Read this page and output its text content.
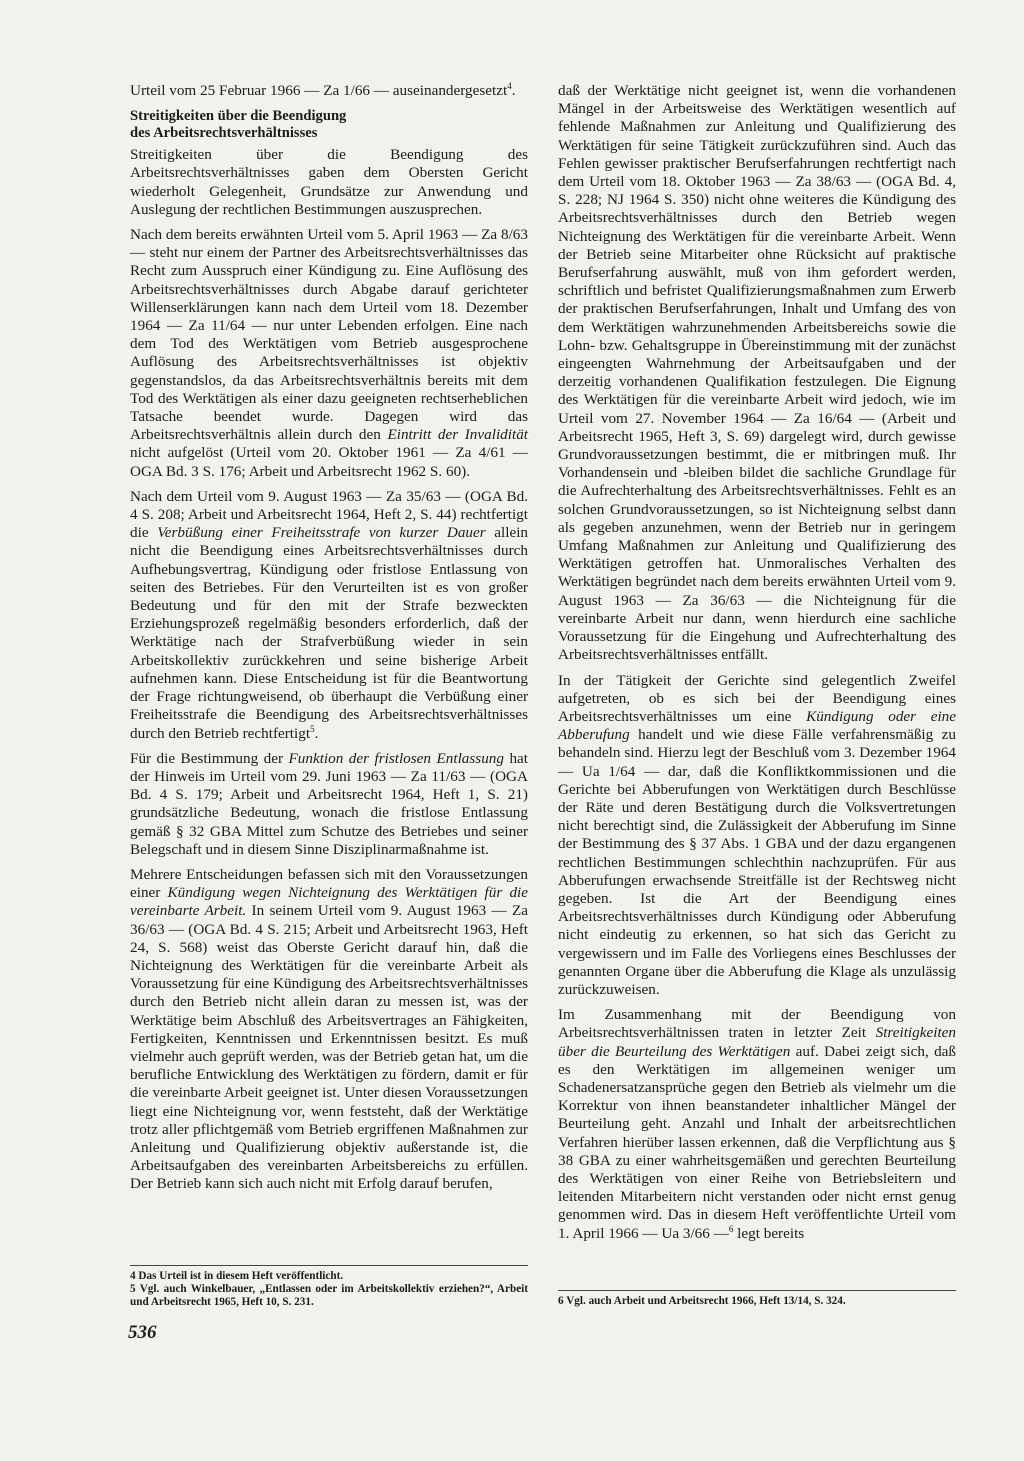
Urteil vom 25 Februar 1966 — Za 1/66 — auseinandergesetzt$^4$.

Streitigkeiten über die Beendigung
des Arbeitsrechtsverhältnisses

Streitigkeiten über die Beendigung des Arbeitsrechtsverhältnisses gaben dem Obersten Gericht wiederholt Gelegenheit, Grundsätze zur Anwendung und Auslegung der rechtlichen Bestimmungen auszusprechen.

Nach dem bereits erwähnten Urteil vom 5. April 1963 — Za 8/63 — steht nur einem der Partner des Arbeitsrechtsverhältnisses das Recht zum Ausspruch einer Kündigung zu. Eine Auflösung des Arbeitsrechtsverhältnisses durch Abgabe darauf gerichteter Willenserklärungen kann nach dem Urteil vom 18. Dezember 1964 — Za 11/64 — nur unter Lebenden erfolgen. Eine nach dem Tod des Werktätigen vom Betrieb ausgesprochene Auflösung des Arbeitsrechtsverhältnisses ist objektiv gegenstandslos, da das Arbeitsrechtsverhältnis bereits mit dem Tod des Werktätigen als einer dazu geeigneten rechtserheblichen Tatsache beendet wurde. Dagegen wird das Arbeitsrechtsverhältnis allein durch den Eintritt der Invalidität nicht aufgelöst (Urteil vom 20. Oktober 1961 — Za 4/61 — OGA Bd. 3 S. 176; Arbeit und Arbeitsrecht 1962 S. 60).

Nach dem Urteil vom 9. August 1963 — Za 35/63 — (OGA Bd. 4 S. 208; Arbeit und Arbeitsrecht 1964, Heft 2, S. 44) rechtfertigt die Verbüßung einer Freiheitsstrafe von kurzer Dauer allein nicht die Beendigung eines Arbeitsrechtsverhältnisses durch Aufhebungsvertrag, Kündigung oder fristlose Entlassung von seiten des Betriebes. Für den Verurteilten ist es von großer Bedeutung und für den mit der Strafe bezweckten Erziehungsprozeß regelmäßig besonders erforderlich, daß der Werktätige nach der Strafverbüßung wieder in sein Arbeitskollektiv zurückkehren und seine bisherige Arbeit aufnehmen kann. Diese Entscheidung ist für die Beantwortung der Frage richtungweisend, ob überhaupt die Verbüßung einer Freiheitsstrafe die Beendigung des Arbeitsrechtsverhältnisses durch den Betrieb rechtfertigt$^5$.

Für die Bestimmung der Funktion der fristlosen Entlassung hat der Hinweis im Urteil vom 29. Juni 1963 — Za 11/63 — (OGA Bd. 4 S. 179; Arbeit und Arbeitsrecht 1964, Heft 1, S. 21) grundsätzliche Bedeutung, wonach die fristlose Entlassung gemäß § 32 GBA Mittel zum Schutze des Betriebes und seiner Belegschaft und in diesem Sinne Disziplinarmaßnahme ist.

Mehrere Entscheidungen befassen sich mit den Voraussetzungen einer Kündigung wegen Nichteignung des Werktätigen für die vereinbarte Arbeit. In seinem Urteil vom 9. August 1963 — Za 36/63 — (OGA Bd. 4 S. 215; Arbeit und Arbeitsrecht 1963, Heft 24, S. 568) weist das Oberste Gericht darauf hin, daß die Nichteignung des Werktätigen für die vereinbarte Arbeit als Voraussetzung für eine Kündigung des Arbeitsrechtsverhältnisses durch den Betrieb nicht allein daran zu messen ist, was der Werktätige beim Abschluß des Arbeitsvertrages an Fähigkeiten, Fertigkeiten, Kenntnissen und Erkenntnissen besitzt. Es muß vielmehr auch geprüft werden, was der Betrieb getan hat, um die berufliche Entwicklung des Werktätigen zu fördern, damit er für die vereinbarte Arbeit geeignet ist. Unter diesen Voraussetzungen liegt eine Nichteignung vor, wenn feststeht, daß der Werktätige trotz aller pflichtgemäß vom Betrieb ergriffenen Maßnahmen zur Anleitung und Qualifizierung objektiv außerstande ist, die Arbeitsaufgaben des vereinbarten Arbeitsbereichs zu erfüllen. Der Betrieb kann sich auch nicht mit Erfolg darauf berufen,

4 Das Urteil ist in diesem Heft veröffentlicht.

5 Vgl. auch Winkelbauer, „Entlassen oder im Arbeitskollektiv erziehen?“, Arbeit und Arbeitsrecht 1965, Heft 10, S. 231.

536

daß der Werktätige nicht geeignet ist, wenn die vorhandenen Mängel in der Arbeitsweise des Werktätigen wesentlich auf fehlende Maßnahmen zur Anleitung und Qualifizierung des Werktätigen für seine Tätigkeit zurückzuführen sind. Auch das Fehlen gewisser praktischer Berufserfahrungen rechtfertigt nach dem Urteil vom 18. Oktober 1963 — Za 38/63 — (OGA Bd. 4, S. 228; NJ 1964 S. 350) nicht ohne weiteres die Kündigung des Arbeitsrechtsverhältnisses durch den Betrieb wegen Nichteignung des Werktätigen für die vereinbarte Arbeit. Wenn der Betrieb seine Mitarbeiter ohne Rücksicht auf praktische Berufserfahrung auswählt, muß von ihm gefordert werden, schriftlich und befristet Qualifizierungsmaßnahmen zum Erwerb der praktischen Berufserfahrungen, Inhalt und Umfang des von dem Werktätigen wahrzunehmenden Arbeitsbereichs sowie die Lohn- bzw. Gehaltsgruppe in Übereinstimmung mit der zunächst eingeengten Wahrnehmung der Arbeitsaufgaben und der derzeitig vorhandenen Qualifikation festzulegen. Die Eignung des Werktätigen für die vereinbarte Arbeit wird jedoch, wie im Urteil vom 27. November 1964 — Za 16/64 — (Arbeit und Arbeitsrecht 1965, Heft 3, S. 69) dargelegt wird, durch gewisse Grundvoraussetzungen bestimmt, die er mitbringen muß. Ihr Vorhandensein und -bleiben bildet die sachliche Grundlage für die Aufrechterhaltung des Arbeitsrechtsverhältnisses. Fehlt es an solchen Grundvoraussetzungen, so ist Nichteignung selbst dann als gegeben anzunehmen, wenn der Betrieb nur in geringem Umfang Maßnahmen zur Anleitung und Qualifizierung des Werktätigen getroffen hat. Unmoralisches Verhalten des Werktätigen begründet nach dem bereits erwähnten Urteil vom 9. August 1963 — Za 36/63 — die Nichteignung für die vereinbarte Arbeit nur dann, wenn hierdurch eine sachliche Voraussetzung für die Eingehung und Aufrechterhaltung des Arbeitsrechtsverhältnisses entfällt.

In der Tätigkeit der Gerichte sind gelegentlich Zweifel aufgetreten, ob es sich bei der Beendigung eines Arbeitsrechtsverhältnisses um eine Kündigung oder eine Abberufung handelt und wie diese Fälle verfahrensmäßig zu behandeln sind. Hierzu legt der Beschluß vom 3. Dezember 1964 — Ua 1/64 — dar, daß die Konfliktkommissionen und die Gerichte bei Abberufungen von Werktätigen durch Beschlüsse der Räte und deren Bestätigung durch die Volksvertretungen nicht berechtigt sind, die Zulässigkeit der Abberufung im Sinne der Bestimmung des § 37 Abs. 1 GBA und der dazu ergangenen rechtlichen Bestimmungen schlechthin nachzuprüfen. Für aus Abberufungen erwachsende Streitfälle ist der Rechtsweg nicht gegeben. Ist die Art der Beendigung eines Arbeitsrechtsverhältnisses durch Kündigung oder Abberufung nicht eindeutig zu erkennen, so hat sich das Gericht zu vergewissern und im Falle des Vorliegens eines Beschlusses der genannten Organe über die Abberufung die Klage als unzulässig zurückzuweisen.

Im Zusammenhang mit der Beendigung von Arbeitsrechtsverhältnissen traten in letzter Zeit Streitigkeiten über die Beurteilung des Werktätigen auf. Dabei zeigt sich, daß es den Werktätigen im allgemeinen weniger um Schadenersatzansprüche gegen den Betrieb als vielmehr um die Korrektur von ihnen beanstandeter inhaltlicher Mängel der Beurteilung geht. Anzahl und Inhalt der arbeitsrechtlichen Verfahren hierüber lassen erkennen, daß die Verpflichtung aus § 38 GBA zu einer wahrheitsgemäßen und gerechten Beurteilung des Werktätigen von einer Reihe von Betriebsleitern und leitenden Mitarbeitern nicht verstanden oder nicht ernst genug genommen wird. Das in diesem Heft veröffentlichte Urteil vom 1. April 1966 — Ua 3/66 —$^6$ legt bereits

6 Vgl. auch Arbeit und Arbeitsrecht 1966, Heft 13/14, S. 324.
